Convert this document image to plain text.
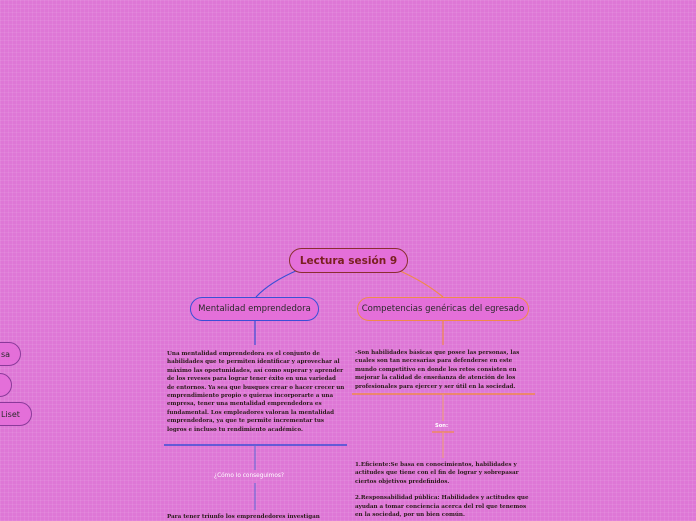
Lectura sesión 9
Mentalidad emprendedora	Competencias genéricas del egresado
sa
Liset
Una mentalidad emprendedora es el conjunto de habilidades que te permiten identificar y aprovechar al máximo las oportunidades, así como superar y aprender de los reveses para lograr tener éxito en una variedad de entornos. Ya sea que busques crear o hacer crecer un emprendimiento propio o quieras incorporarte a una empresa, tener una mentalidad emprendedora es fundamental. Los empleadores valoran la mentalidad emprendedora, ya que te permite incrementar tus logros e incluso tu rendimiento académico.
¿Cómo lo conseguimos?
Para tener triunfo los emprendedores investigan
-Son habilidades básicas que posee las personas, las cuales son tan necesarias para defenderse en este mundo competitivo en donde los retos consisten en mejorar la calidad de enseñanza de atención de los profesionales para ejercer y ser útil en la sociedad.
Son:
1.Eficiente:Se basa en conocimientos, habilidades y actitudes que tiene con el fin de lograr y sobrepasar ciertos objetivos predefinidos.
2.Responsabilidad pública: Habilidades y actitudes que ayudan a tomar conciencia acerca del rol que tenemos en la sociedad, por un bien común.
